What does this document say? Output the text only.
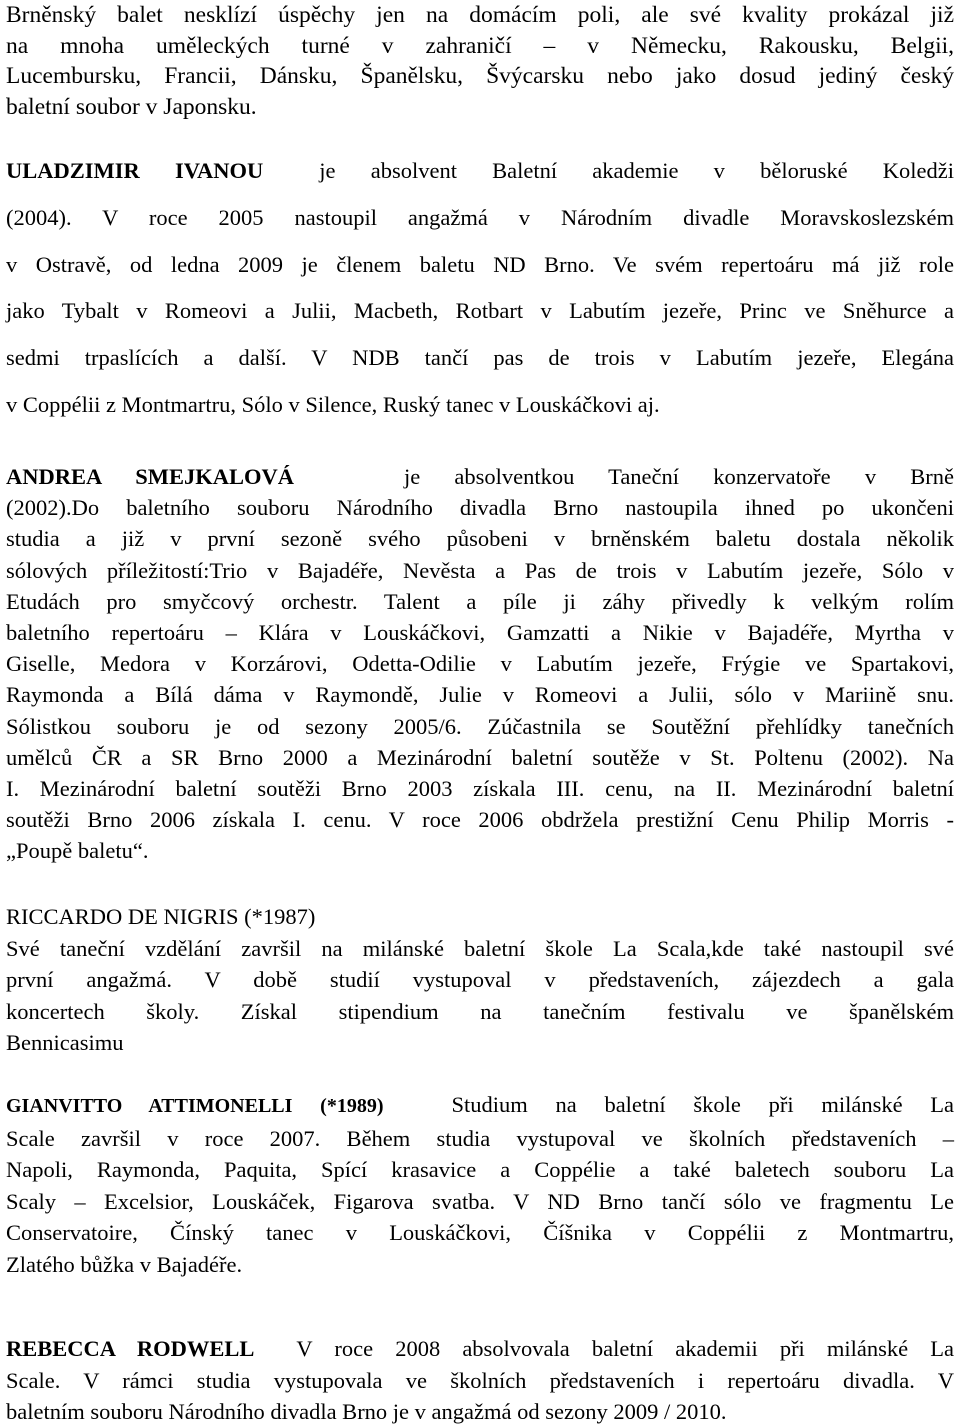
Brněnský balet nesklízí úspěchy jen na domácím poli, ale své kvality prokázal již
na mnoha uměleckých turné v zahraničí – v Německu, Rakousku, Belgii,
Lucembursku, Francii, Dánsku, Španělsku, Švýcarsku nebo jako dosud jediný český
baletní soubor v Japonsku.
ULADZIMIR IVANOU je absolvent Baletní akademie v běloruské Koledži
(2004). V roce 2005 nastoupil angažmá v Národním divadle Moravskoslezském
v Ostravě, od ledna 2009 je členem baletu ND Brno. Ve svém repertoáru má již role
jako Tybalt v Romeovi a Julii, Macbeth, Rotbart v Labutím jezeře, Princ ve Sněhurce a
sedmi trpaslících a další. V NDB tančí pas de trois v Labutím jezeře, Elegána
v Coppélii z Montmartru, Sólo v Silence, Ruský tanec v Louskáčkovi aj.
ANDREA SMEJKALOVÁ	je absolventkou Taneční konzervatoře v Brně
(2002).Do baletního souboru Národního divadla Brno nastoupila ihned po ukončeni
studia a již v první sezoně svého působeni v brněnském baletu dostala několik
sólových příležitostí:Trio v Bajadéře, Nevěsta a Pas de trois v Labutím jezeře, Sólo v
Etudách pro smyčcový orchestr. Talent a píle ji záhy přivedly k velkým rolím
baletního repertoáru – Klára v Louskáčkovi, Gamzatti a Nikie v Bajadéře, Myrtha v
Giselle, Medora v Korzárovi, Odetta-Odilie v Labutím jezeře, Frýgie ve Spartakovi,
Raymonda a Bílá dáma v Raymondě, Julie v Romeovi a Julii, sólo v Mariině snu.
Sólistkou souboru je od sezony 2005/6. Zúčastnila se Soutěžní přehlídky tanečních
umělců ČR a SR Brno 2000 a Mezinárodní baletní soutěže v St. Poltenu (2002). Na
I. Mezinárodní baletní soutěži Brno 2003 získala III. cenu, na II. Mezinárodní baletní
soutěži Brno 2006 získala I. cenu. V roce 2006 obdržela prestižní Cenu Philip Morris -
„Poupě baletu“.
RICCARDO DE NIGRIS (*1987)
Své taneční vzdělání završil na milánské baletní škole La Scala,kde také nastoupil své
první angažmá. V době studií vystupoval v představeních, zájezdech a gala
koncertech školy. Získal stipendium na tanečním festivalu ve španělském
Bennicasimu
GIANVITTO ATTIMONELLI (*1989)	Studium na baletní škole při milánské La
Scale završil v roce 2007. Během studia vystupoval ve školních představeních –
Napoli, Raymonda, Paquita, Spící krasavice a Coppélie a také baletech souboru La
Scaly – Excelsior, Louskáček, Figarova svatba. V ND Brno tančí sólo ve fragmentu Le
Conservatoire, Čínský tanec v Louskáčkovi, Číšnika v Coppélii z Montmartru,
Zlatého bůžka v Bajadéře.
REBECCA RODWELL V roce 2008 absolvovala baletní akademii při milánské La
Scale. V rámci studia vystupovala ve školních představeních i repertoáru divadla. V
baletním souboru Národního divadla Brno je v angažmá od sezony 2009 / 2010.
